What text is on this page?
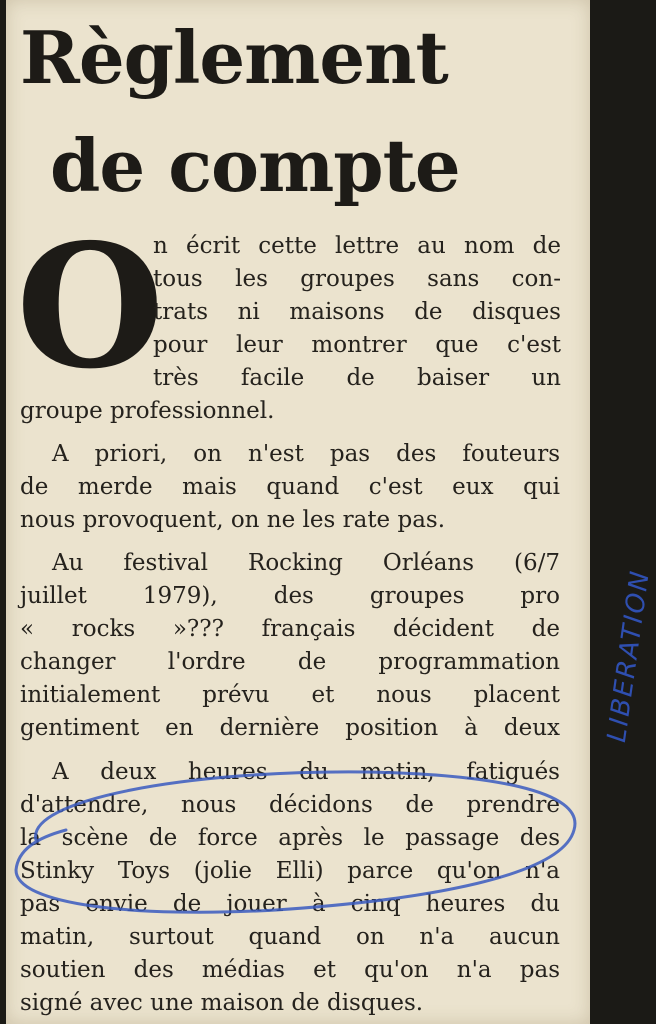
Règlement
de compte
O
n écrit cette lettre au nom de
tous les groupes sans con-
trats ni maisons de disques
pour leur montrer que c'est
très facile de baiser un
groupe professionnel.
A priori, on n'est pas des fouteurs
de merde mais quand c'est eux qui
nous provoquent, on ne les rate pas.
Au festival Rocking Orléans (6/7
juillet 1979), des groupes pro
« rocks »??? français décident de
changer l'ordre de programmation
initialement prévu et nous placent
gentiment en dernière position à deux
A deux heures du matin, fatigués
d'attendre, nous décidons de prendre
la scène de force après le passage des
Stinky Toys (jolie Elli) parce qu'on n'a
pas envie de jouer à cinq heures du
matin, surtout quand on n'a aucun
soutien des médias et qu'on n'a pas
signé avec une maison de disques.
LIBERATION
